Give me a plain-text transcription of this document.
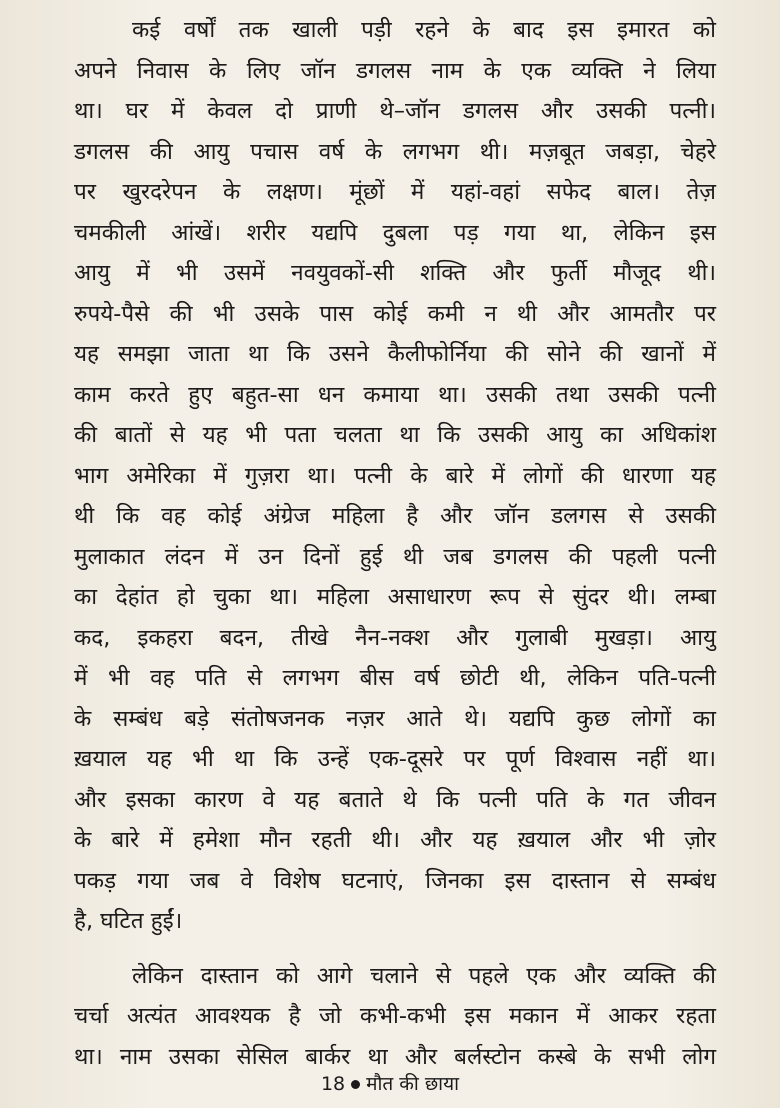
कई वर्षों तक खाली पड़ी रहने के बाद इस इमारत को
अपने निवास के लिए जॉन डगलस नाम के एक व्यक्ति ने लिया
था। घर में केवल दो प्राणी थे–जॉन डगलस और उसकी पत्नी।
डगलस की आयु पचास वर्ष के लगभग थी। मज़बूत जबड़ा, चेहरे
पर खुरदरेपन के लक्षण। मूंछों में यहां-वहां सफेद बाल। तेज़
चमकीली आंखें। शरीर यद्यपि दुबला पड़ गया था, लेकिन इस
आयु में भी उसमें नवयुवकों-सी शक्ति और फुर्ती मौजूद थी।
रुपये-पैसे की भी उसके पास कोई कमी न थी और आमतौर पर
यह समझा जाता था कि उसने कैलीफोर्निया की सोने की खानों में
काम करते हुए बहुत-सा धन कमाया था। उसकी तथा उसकी पत्नी
की बातों से यह भी पता चलता था कि उसकी आयु का अधिकांश
भाग अमेरिका में गुज़रा था। पत्नी के बारे में लोगों की धारणा यह
थी कि वह कोई अंग्रेज महिला है और जॉन डलगस से उसकी
मुलाकात लंदन में उन दिनों हुई थी जब डगलस की पहली पत्नी
का देहांत हो चुका था। महिला असाधारण रूप से सुंदर थी। लम्बा
कद, इकहरा बदन, तीखे नैन-नक्श और गुलाबी मुखड़ा। आयु
में भी वह पति से लगभग बीस वर्ष छोटी थी, लेकिन पति-पत्नी
के सम्बंध बड़े संतोषजनक नज़र आते थे। यद्यपि कुछ लोगों का
ख़याल यह भी था कि उन्हें एक-दूसरे पर पूर्ण विश्वास नहीं था।
और इसका कारण वे यह बताते थे कि पत्नी पति के गत जीवन
के बारे में हमेशा मौन रहती थी। और यह ख़याल और भी ज़ोर
पकड़ गया जब वे विशेष घटनाएं, जिनका इस दास्तान से सम्बंध
है, घटित हुईं।
लेकिन दास्तान को आगे चलाने से पहले एक और व्यक्ति की
चर्चा अत्यंत आवश्यक है जो कभी-कभी इस मकान में आकर रहता
था। नाम उसका सेसिल बार्कर था और बर्लस्टोन कस्बे के सभी लोग
18 मौत की छाया
